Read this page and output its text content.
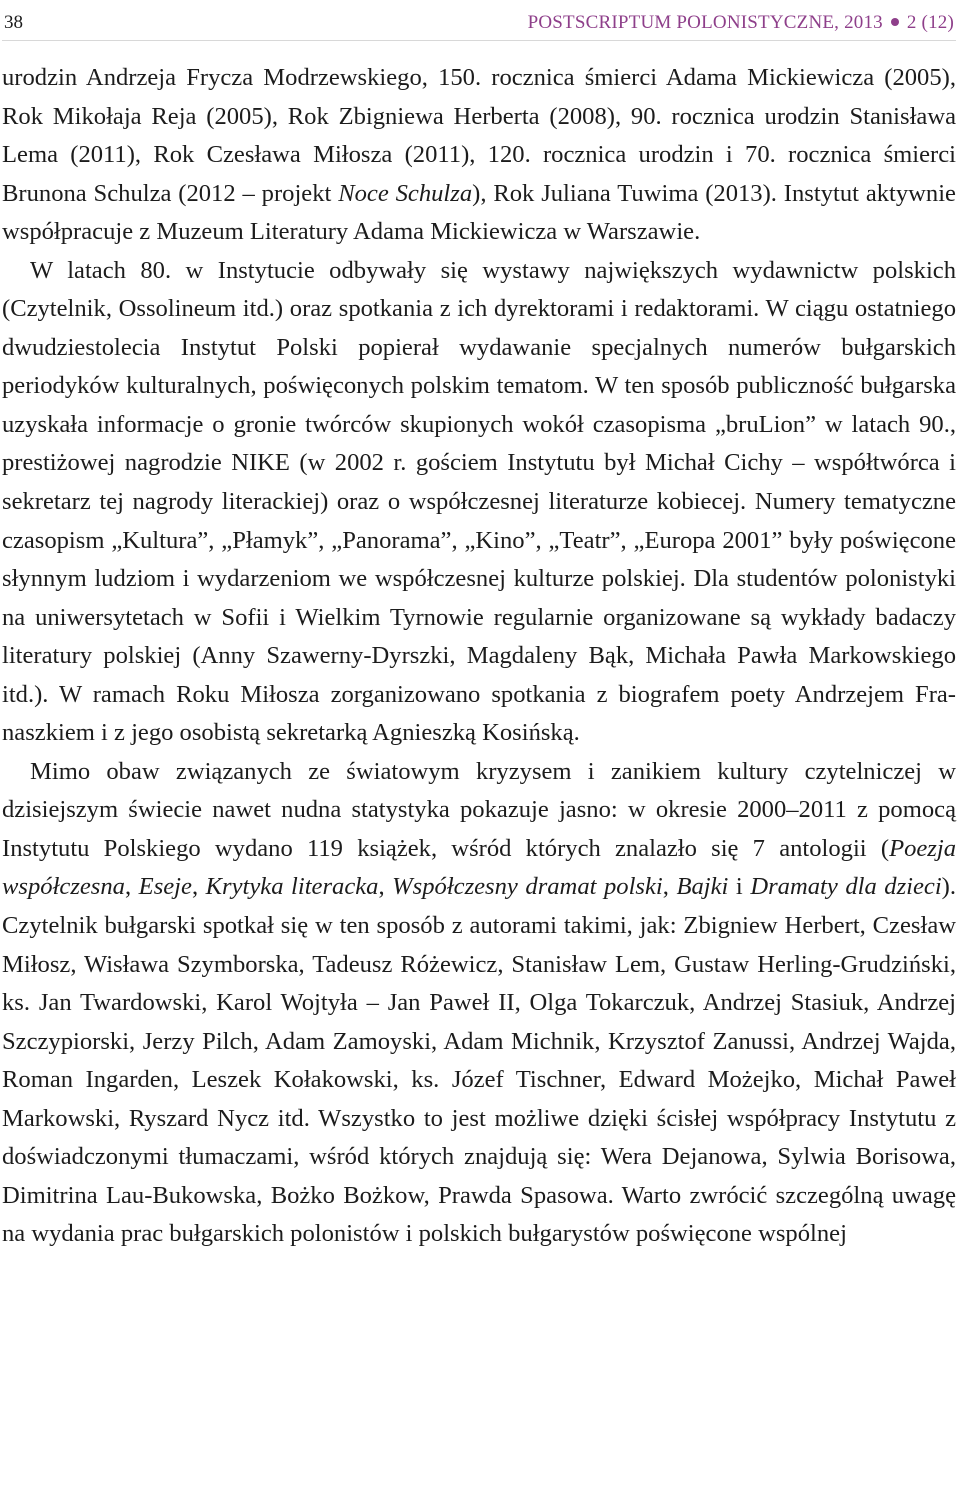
38	POSTSCRIPTUM POLONISTYCZNE, 2013 2 (12)

urodzin Andrzeja Frycza Modrzewskiego, 150. rocznica śmierci Adama Mickiewicza (2005), Rok Mikołaja Reja (2005), Rok Zbigniewa Herberta (2008), 90. rocznica urodzin Stanisława Lema (2011), Rok Czesława Miłosza (2011), 120. rocznica urodzin i 70. rocznica śmierci Brunona Schulza (2012 – projekt Noce Schulza), Rok Juliana Tuwima (2013). Instytut aktywnie współpracuje z Muzeum Literatury Adama Mickiewicza w Warszawie.

W latach 80. w Instytucie odbywały się wystawy największych wydawnictw polskich (Czytelnik, Ossolineum itd.) oraz spotkania z ich dyrektorami i redaktorami. W ciągu ostatniego dwudziestolecia Instytut Polski popierał wydawanie specjalnych numerów bułgarskich periodyków kulturalnych, poświęconych polskim tematom. W ten sposób publiczność bułgarska uzyskała informacje o gronie twórców skupionych wokół czasopisma „bruLion” w latach 90., prestiżowej nagrodzie NIKE (w 2002 r. gościem Instytutu był Michał Cichy – współtwórca i sekretarz tej nagrody literackiej) oraz o współczesnej literaturze kobiecej. Numery tematyczne czasopism „Kultura”, „Płamyk”, „Panorama”, „Kino”, „Teatr”, „Europa 2001” były poświęcone słynnym ludziom i wydarzeniom we współczesnej kulturze polskiej. Dla studentów polonistyki na uniwersytetach w Sofii i Wielkim Tyrnowie regularnie organizowane są wykłady badaczy literatury polskiej (Anny Szawerny-Dyrszki, Magdaleny Bąk, Michała Pawła Markowskiego itd.). W ramach Roku Miłosza zorganizowano spotkania z biografem poety Andrzejem Franaszkiem i z jego osobistą sekretarką Agnieszką Kosińską.

Mimo obaw związanych ze światowym kryzysem i zanikiem kultury czytelniczej w dzisiejszym świecie nawet nudna statystyka pokazuje jasno: w okresie 2000–2011 z pomocą Instytutu Polskiego wydano 119 książek, wśród których znalazło się 7 antologii (Poezja współczesna, Eseje, Krytyka literacka, Współczesny dramat polski, Bajki i Dramaty dla dzieci). Czytelnik bułgarski spotkał się w ten sposób z autorami takimi, jak: Zbigniew Herbert, Czesław Miłosz, Wisława Szymborska, Tadeusz Różewicz, Stanisław Lem, Gustaw Herling-Grudziński, ks. Jan Twardowski, Karol Wojtyła – Jan Paweł II, Olga Tokarczuk, Andrzej Stasiuk, Andrzej Szczypiorski, Jerzy Pilch, Adam Zamoyski, Adam Michnik, Krzysztof Zanussi, Andrzej Wajda, Roman Ingarden, Leszek Kołakowski, ks. Józef Tischner, Edward Możejko, Michał Paweł Markowski, Ryszard Nycz itd. Wszystko to jest możliwe dzięki ścisłej współpracy Instytutu z doświadczonymi tłumaczami, wśród których znajdują się: Wera Dejanowa, Sylwia Borisowa, Dimitrina Lau-Bukowska, Bożko Bożkow, Prawda Spasowa. Warto zwrócić szczególną uwagę na wydania prac bułgarskich polonistów i polskich bułgarystów poświęcone wspólnej
